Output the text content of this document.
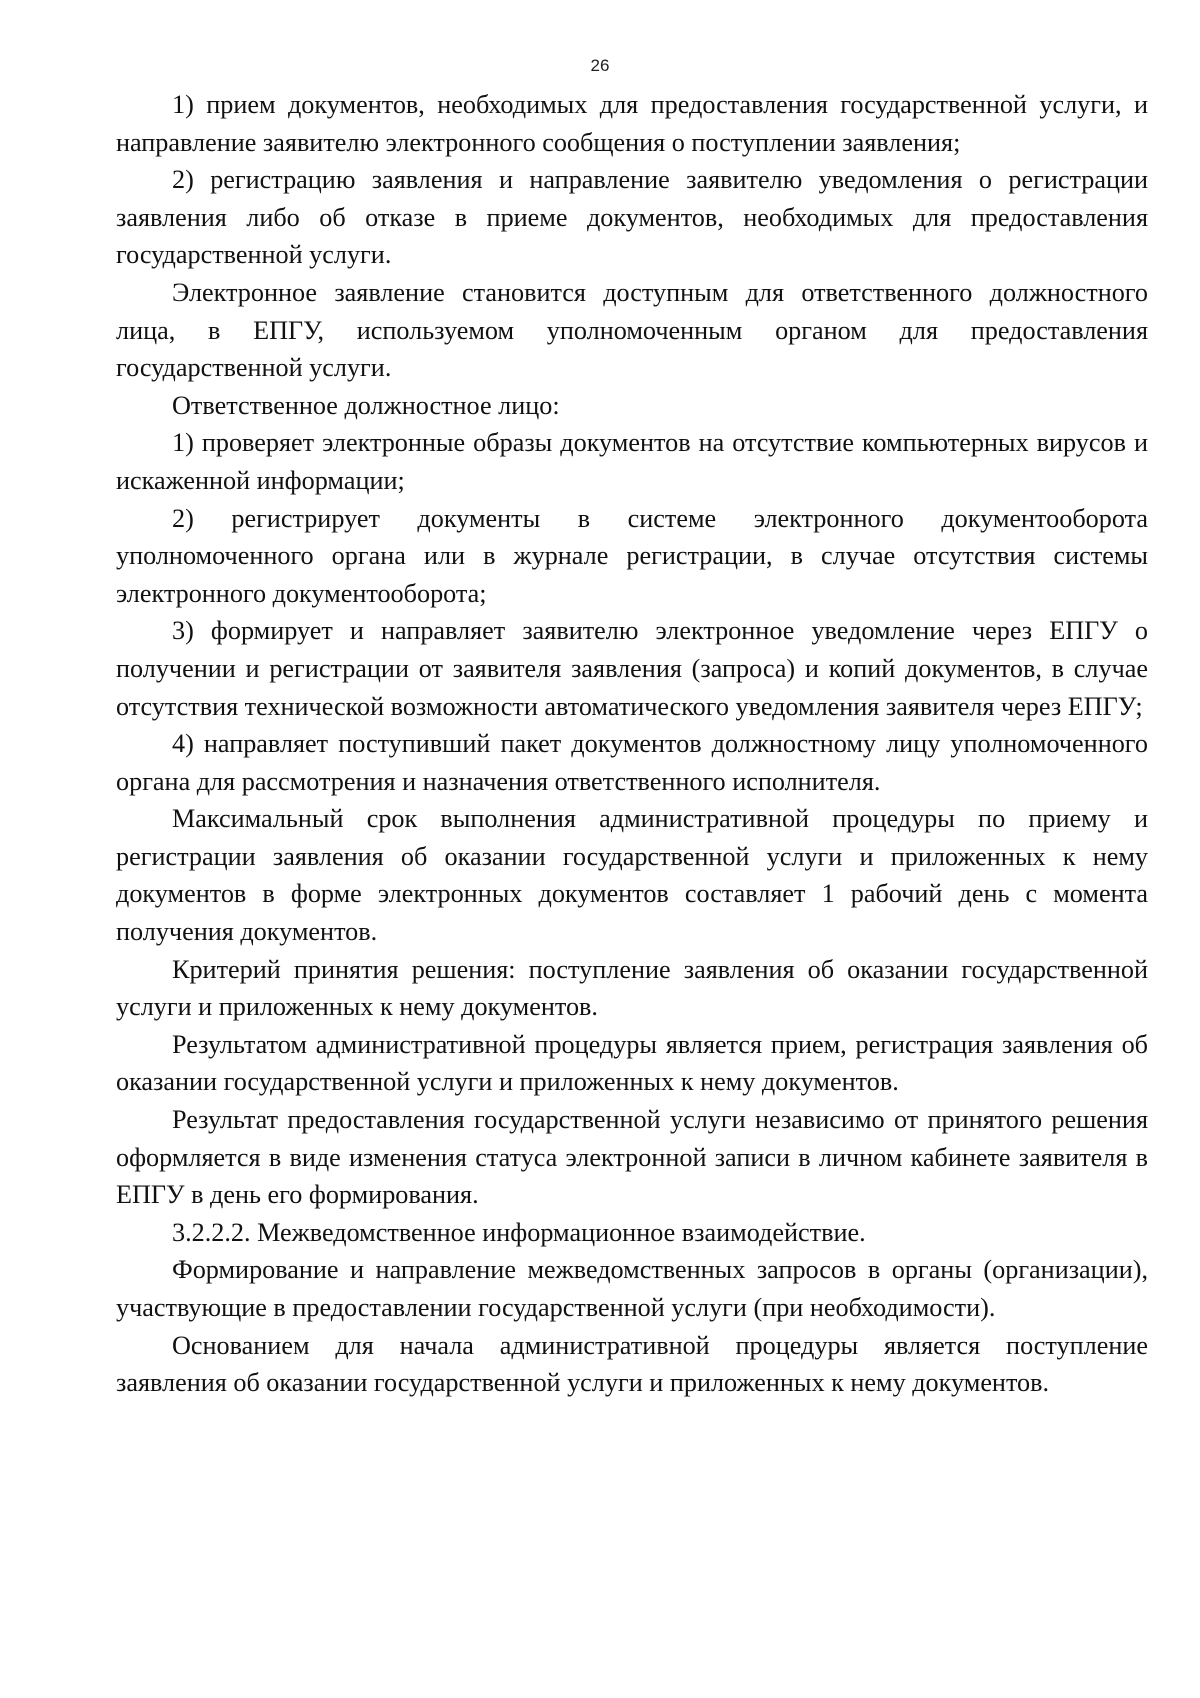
26

1) прием документов, необходимых для предоставления государственной услуги, и направление заявителю электронного сообщения о поступлении заявления;

2) регистрацию заявления и направление заявителю уведомления о регистрации заявления либо об отказе в приеме документов, необходимых для предоставления государственной услуги.

Электронное заявление становится доступным для ответственного должностного лица, в ЕПГУ, используемом уполномоченным органом для предоставления государственной услуги.

Ответственное должностное лицо:

1) проверяет электронные образы документов на отсутствие компьютерных вирусов и искаженной информации;

2) регистрирует документы в системе электронного документооборота уполномоченного органа или в журнале регистрации, в случае отсутствия системы электронного документооборота;

3) формирует и направляет заявителю электронное уведомление через ЕПГУ о получении и регистрации от заявителя заявления (запроса) и копий документов, в случае отсутствия технической возможности автоматического уведомления заявителя через ЕПГУ;

4) направляет поступивший пакет документов должностному лицу уполномоченного органа для рассмотрения и назначения ответственного исполнителя.

Максимальный срок выполнения административной процедуры по приему и регистрации заявления об оказании государственной услуги и приложенных к нему документов в форме электронных документов составляет 1 рабочий день с момента получения документов.

Критерий принятия решения: поступление заявления об оказании государственной услуги и приложенных к нему документов.

Результатом административной процедуры является прием, регистрация заявления об оказании государственной услуги и приложенных к нему документов.

Результат предоставления государственной услуги независимо от принятого решения оформляется в виде изменения статуса электронной записи в личном кабинете заявителя в ЕПГУ в день его формирования.

3.2.2.2. Межведомственное информационное взаимодействие.

Формирование и направление межведомственных запросов в органы (организации), участвующие в предоставлении государственной услуги (при необходимости).

Основанием для начала административной процедуры является поступление заявления об оказании государственной услуги и приложенных к нему документов.
